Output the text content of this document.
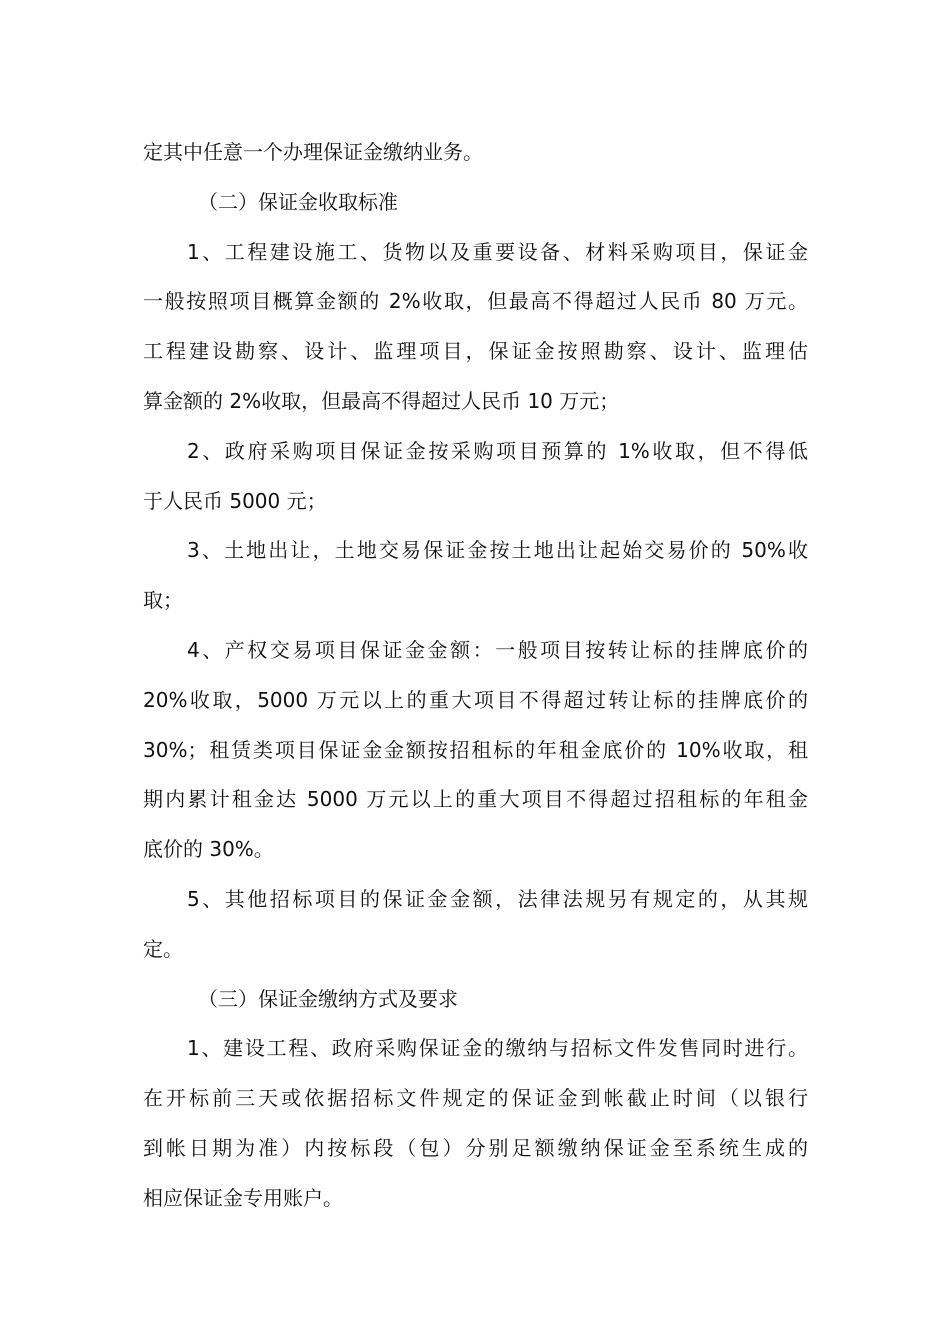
定其中任意一个办理保证金缴纳业务。

（二）保证金收取标准

1、工程建设施工、货物以及重要设备、材料采购项目，保证金

一般按照项目概算金额的 2%收取，但最高不得超过人民币 80 万元。

工程建设勘察、设计、监理项目，保证金按照勘察、设计、监理估

算金额的 2%收取，但最高不得超过人民币 10 万元；

2、政府采购项目保证金按采购项目预算的 1%收取，但不得低

于人民币 5000 元；

3、土地出让，土地交易保证金按土地出让起始交易价的 50%收

取；

4、产权交易项目保证金金额：一般项目按转让标的挂牌底价的

20%收取，5000 万元以上的重大项目不得超过转让标的挂牌底价的

30%；租赁类项目保证金金额按招租标的年租金底价的 10%收取，租

期内累计租金达 5000 万元以上的重大项目不得超过招租标的年租金

底价的 30%。

5、其他招标项目的保证金金额，法律法规另有规定的，从其规

定。

（三）保证金缴纳方式及要求

1、建设工程、政府采购保证金的缴纳与招标文件发售同时进行。

在开标前三天或依据招标文件规定的保证金到帐截止时间（以银行

到帐日期为准）内按标段（包）分别足额缴纳保证金至系统生成的

相应保证金专用账户。
